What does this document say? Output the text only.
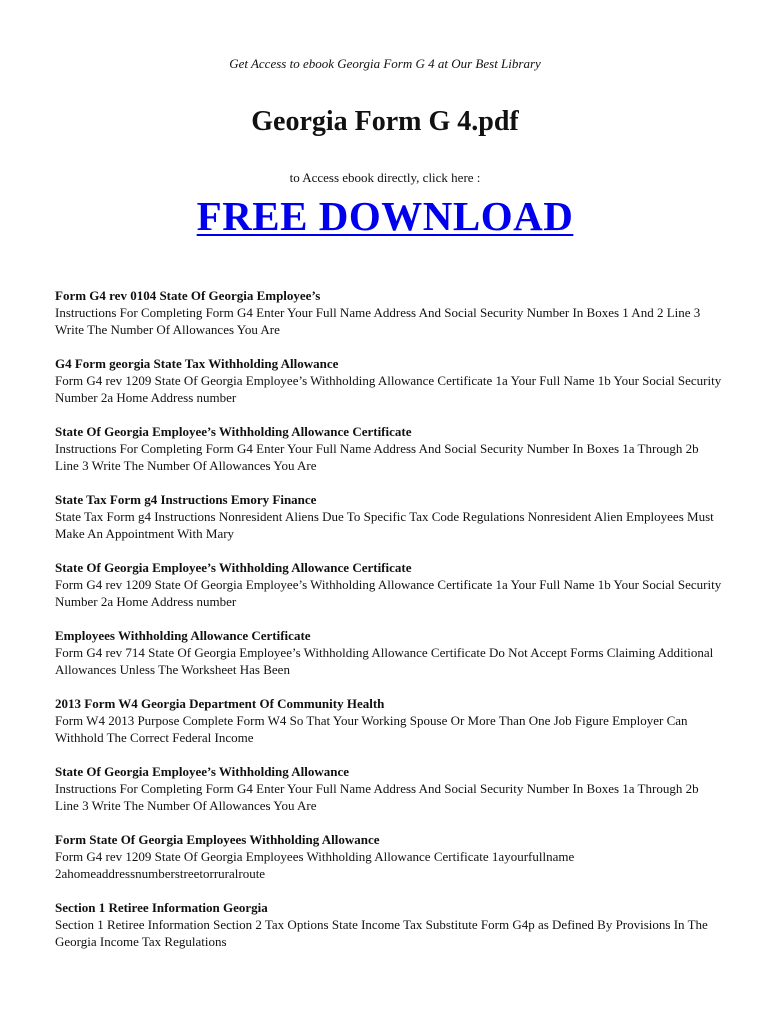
Get Access to ebook Georgia Form G 4 at Our Best Library
Georgia Form G 4.pdf
to Access ebook directly, click here :
FREE DOWNLOAD
Form G4 rev 0104 State Of Georgia Employee’s
Instructions For Completing Form G4 Enter Your Full Name Address And Social Security Number In Boxes 1 And 2 Line 3 Write The Number Of Allowances You Are
G4 Form georgia State Tax Withholding Allowance
Form G4 rev 1209 State Of Georgia Employee’s Withholding Allowance Certificate 1a Your Full Name 1b Your Social Security Number 2a Home Address number
State Of Georgia Employee’s Withholding Allowance Certificate
Instructions For Completing Form G4 Enter Your Full Name Address And Social Security Number In Boxes 1a Through 2b Line 3 Write The Number Of Allowances You Are
State Tax Form g4 Instructions Emory Finance
State Tax Form g4 Instructions Nonresident Aliens Due To Specific Tax Code Regulations Nonresident Alien Employees Must Make An Appointment With Mary
State Of Georgia Employee’s Withholding Allowance Certificate
Form G4 rev 1209 State Of Georgia Employee’s Withholding Allowance Certificate 1a Your Full Name 1b Your Social Security Number 2a Home Address number
Employees Withholding Allowance Certificate
Form G4 rev 714 State Of Georgia Employee’s Withholding Allowance Certificate Do Not Accept Forms Claiming Additional Allowances Unless The Worksheet Has Been
2013 Form W4 Georgia Department Of Community Health
Form W4 2013 Purpose Complete Form W4 So That Your Working Spouse Or More Than One Job Figure Employer Can Withhold The Correct Federal Income
State Of Georgia Employee’s Withholding Allowance
Instructions For Completing Form G4 Enter Your Full Name Address And Social Security Number In Boxes 1a Through 2b Line 3 Write The Number Of Allowances You Are
Form State Of Georgia Employees Withholding Allowance
Form G4 rev 1209 State Of Georgia Employees Withholding Allowance Certificate 1ayourfullname 2ahomeaddressnumberstreetorruralroute
Section 1 Retiree Information Georgia
Section 1 Retiree Information Section 2 Tax Options State Income Tax Substitute Form G4p as Defined By Provisions In The Georgia Income Tax Regulations
